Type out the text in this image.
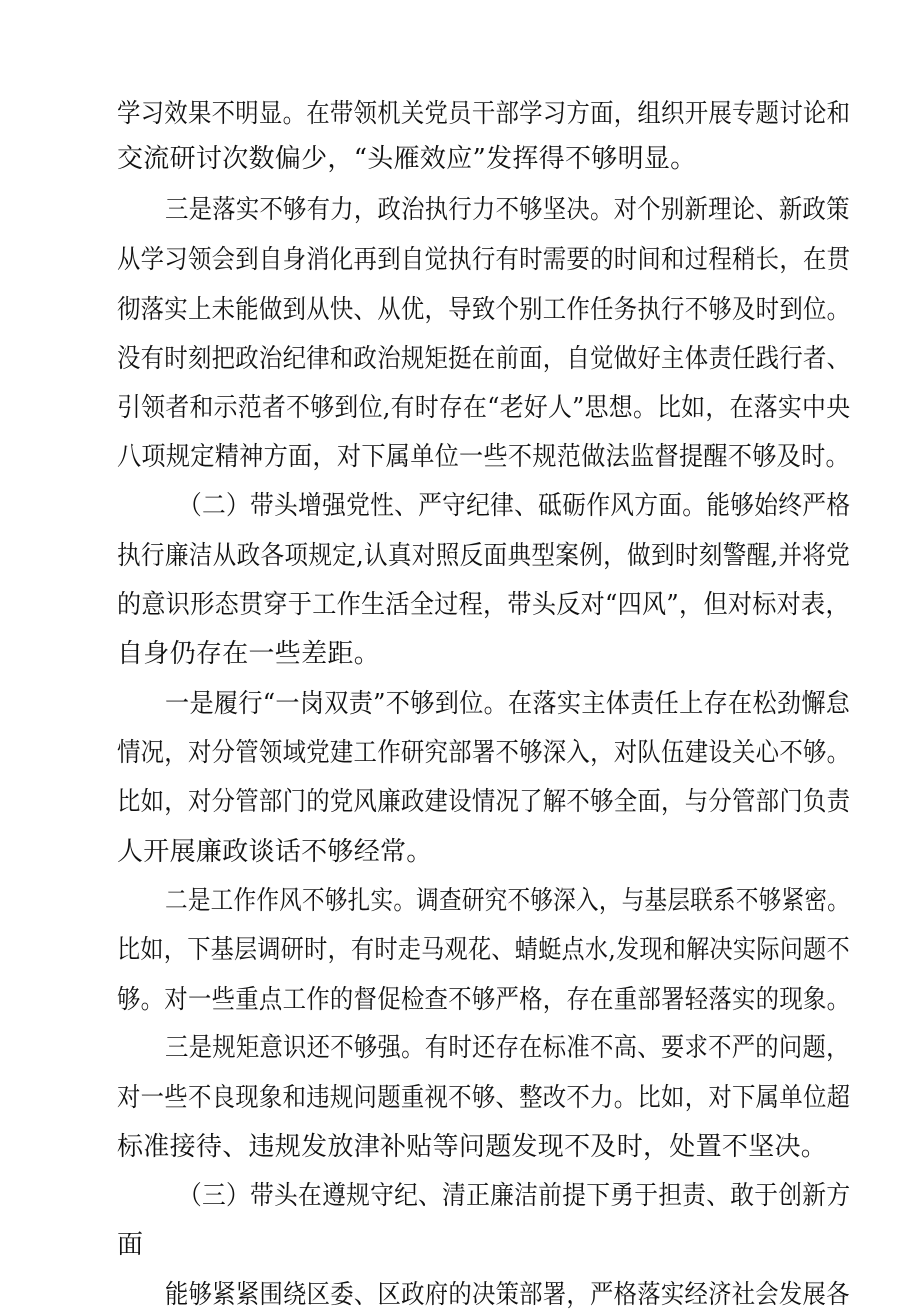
学习效果不明显。在带领机关党员干部学习方面，组织开展专题讨论和
交流研讨次数偏少，“头雁效应”发挥得不够明显。
三是落实不够有力，政治执行力不够坚决。对个别新理论、新政策
从学习领会到自身消化再到自觉执行有时需要的时间和过程稍长，在贯
彻落实上未能做到从快、从优，导致个别工作任务执行不够及时到位。
没有时刻把政治纪律和政治规矩挺在前面，自觉做好主体责任践行者、
引领者和示范者不够到位,有时存在“老好人”思想。比如，在落实中央
八项规定精神方面，对下属单位一些不规范做法监督提醒不够及时。
（二）带头增强党性、严守纪律、砥砺作风方面。能够始终严格
执行廉洁从政各项规定,认真对照反面典型案例，做到时刻警醒,并将党
的意识形态贯穿于工作生活全过程，带头反对“四风”，但对标对表，
自身仍存在一些差距。
一是履行“一岗双责”不够到位。在落实主体责任上存在松劲懈怠
情况，对分管领域党建工作研究部署不够深入，对队伍建设关心不够。
比如，对分管部门的党风廉政建设情况了解不够全面，与分管部门负责
人开展廉政谈话不够经常。
二是工作作风不够扎实。调查研究不够深入，与基层联系不够紧密。
比如，下基层调研时，有时走马观花、蜻蜓点水,发现和解决实际问题不
够。对一些重点工作的督促检查不够严格，存在重部署轻落实的现象。
三是规矩意识还不够强。有时还存在标准不高、要求不严的问题，
对一些不良现象和违规问题重视不够、整改不力。比如，对下属单位超
标准接待、违规发放津补贴等问题发现不及时，处置不坚决。
（三）带头在遵规守纪、清正廉洁前提下勇于担责、敢于创新方
面
能够紧紧围绕区委、区政府的决策部署，严格落实经济社会发展各
